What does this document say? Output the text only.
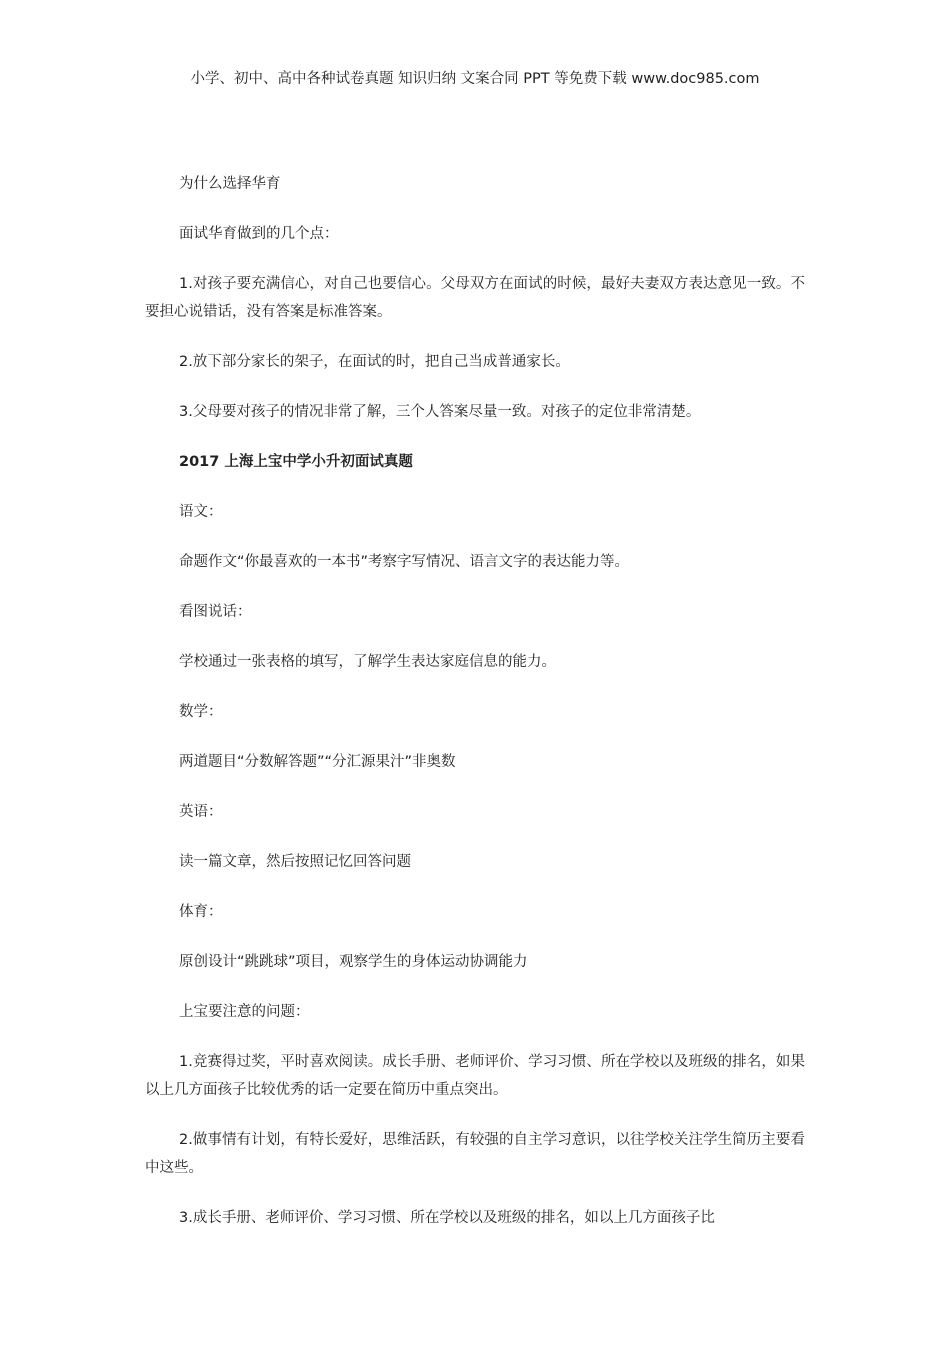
小学、初中、高中各种试卷真题 知识归纳 文案合同 PPT 等免费下载 www.doc985.com

为什么选择华育

面试华育做到的几个点：

1.对孩子要充满信心，对自己也要信心。父母双方在面试的时候，最好夫妻双方表达意见一致。不要担心说错话，没有答案是标准答案。

2.放下部分家长的架子，在面试的时，把自己当成普通家长。

3.父母要对孩子的情况非常了解，三个人答案尽量一致。对孩子的定位非常清楚。

2017 上海上宝中学小升初面试真题

语文：

命题作文“你最喜欢的一本书”考察字写情况、语言文字的表达能力等。

看图说话：

学校通过一张表格的填写，了解学生表达家庭信息的能力。

数学：

两道题目“分数解答题”“分汇源果汁”非奥数

英语：

读一篇文章，然后按照记忆回答问题

体育：

原创设计“跳跳球”项目，观察学生的身体运动协调能力

上宝要注意的问题：

1.竞赛得过奖，平时喜欢阅读。成长手册、老师评价、学习习惯、所在学校以及班级的排名，如果以上几方面孩子比较优秀的话一定要在简历中重点突出。

2.做事情有计划，有特长爱好，思维活跃，有较强的自主学习意识，以往学校关注学生简历主要看中这些。

3.成长手册、老师评价、学习习惯、所在学校以及班级的排名，如以上几方面孩子比
